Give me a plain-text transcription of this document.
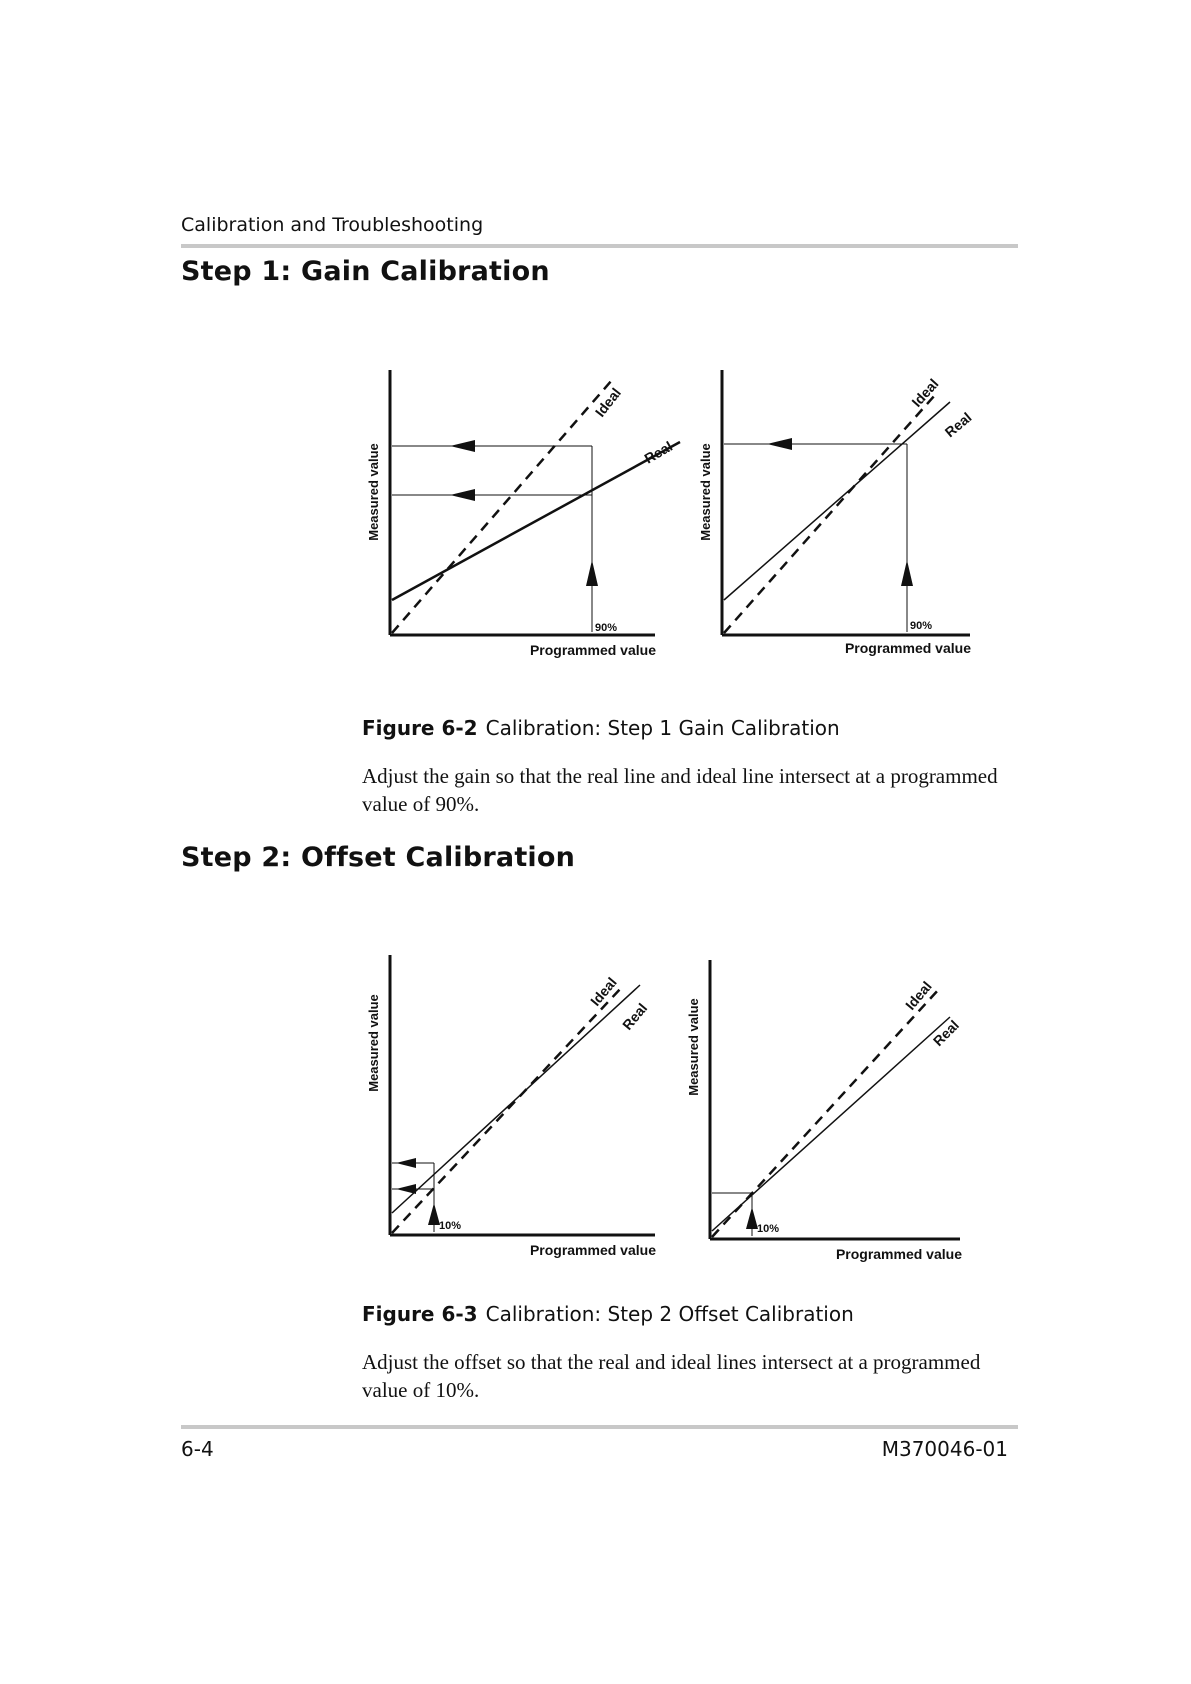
Calibration and Troubleshooting
Step 1: Gain Calibration
Measured value
Programmed value
Ideal
Real
90%
Measured value
Programmed value
Ideal
Real
90%
Figure 6-2 Calibration: Step 1 Gain Calibration
Adjust the gain so that the real line and ideal line intersect at a programmed value of 90%.
Step 2: Offset Calibration
Measured value
Programmed value
Ideal
Real
10%
Measured value
Programmed value
Ideal
Real
10%
Figure 6-3 Calibration: Step 2 Offset Calibration
Adjust the offset so that the real and ideal lines intersect at a programmed value of 10%.
6-4	M370046-01
